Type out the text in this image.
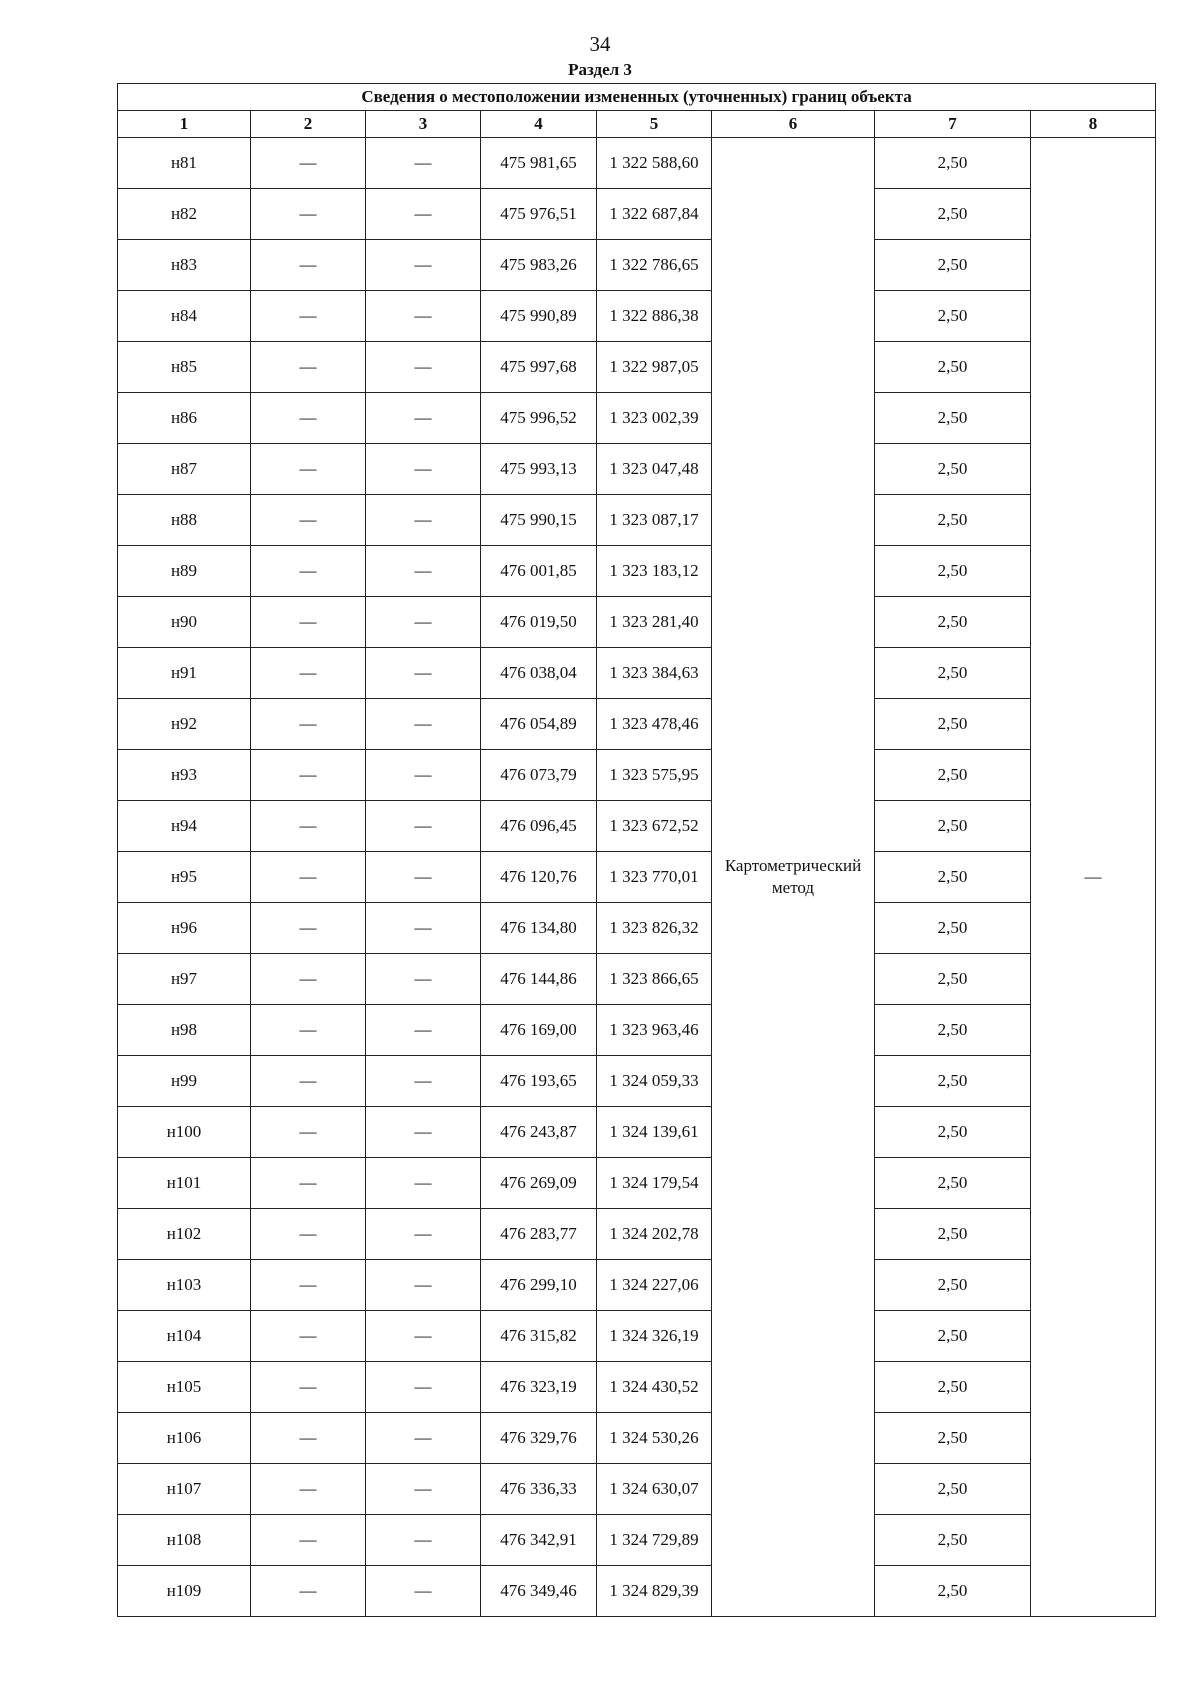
34
Раздел 3
Сведения о местоположении измененных (уточненных) границ объекта							
1	2	3	4	5	6	7	8
н81	—	—	475 981,65	1 322 588,60	Картометрический метод	2,50	—
н82	—	—	475 976,51	1 322 687,84		2,50	
н83	—	—	475 983,26	1 322 786,65		2,50	
н84	—	—	475 990,89	1 322 886,38		2,50	
н85	—	—	475 997,68	1 322 987,05		2,50	
н86	—	—	475 996,52	1 323 002,39		2,50	
н87	—	—	475 993,13	1 323 047,48		2,50	
н88	—	—	475 990,15	1 323 087,17		2,50	
н89	—	—	476 001,85	1 323 183,12		2,50	
н90	—	—	476 019,50	1 323 281,40		2,50	
н91	—	—	476 038,04	1 323 384,63		2,50	
н92	—	—	476 054,89	1 323 478,46		2,50	
н93	—	—	476 073,79	1 323 575,95		2,50	
н94	—	—	476 096,45	1 323 672,52		2,50	
н95	—	—	476 120,76	1 323 770,01		2,50	
н96	—	—	476 134,80	1 323 826,32		2,50	
н97	—	—	476 144,86	1 323 866,65		2,50	
н98	—	—	476 169,00	1 323 963,46		2,50	
н99	—	—	476 193,65	1 324 059,33		2,50	
н100	—	—	476 243,87	1 324 139,61		2,50	
н101	—	—	476 269,09	1 324 179,54		2,50	
н102	—	—	476 283,77	1 324 202,78		2,50	
н103	—	—	476 299,10	1 324 227,06		2,50	
н104	—	—	476 315,82	1 324 326,19		2,50	
н105	—	—	476 323,19	1 324 430,52		2,50	
н106	—	—	476 329,76	1 324 530,26		2,50	
н107	—	—	476 336,33	1 324 630,07		2,50	
н108	—	—	476 342,91	1 324 729,89		2,50	
н109	—	—	476 349,46	1 324 829,39		2,50	
